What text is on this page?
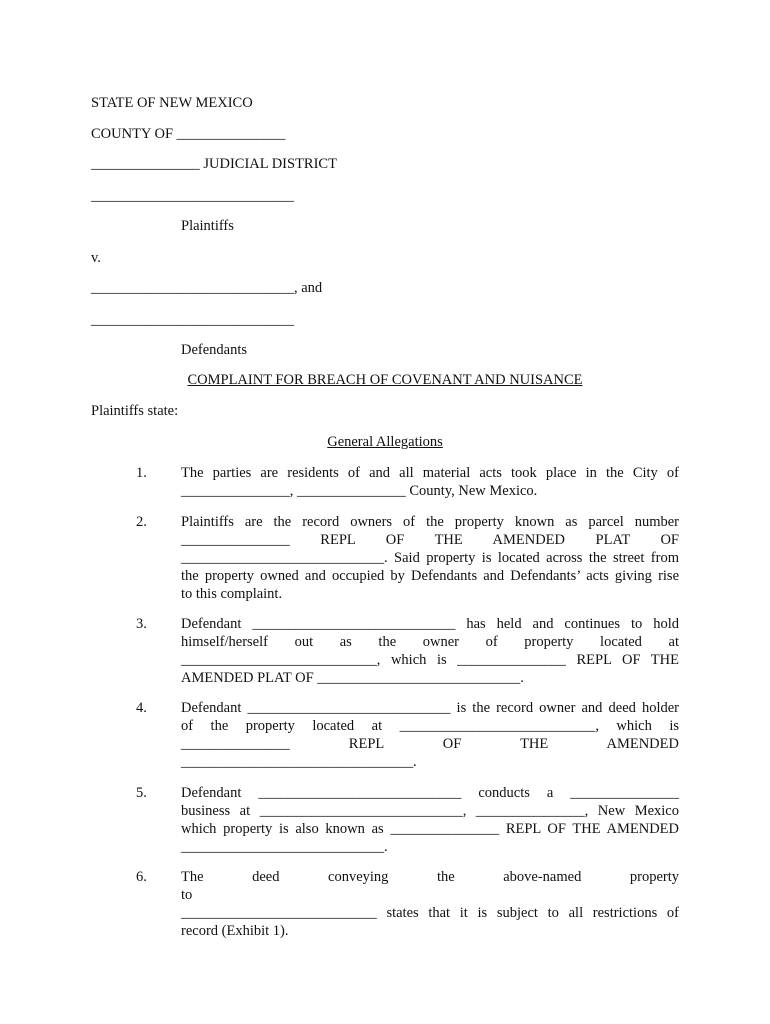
STATE OF NEW MEXICO
COUNTY OF _______________
_______________ JUDICIAL DISTRICT
____________________________
Plaintiffs
v.
____________________________, and
____________________________
Defendants
COMPLAINT FOR BREACH OF COVENANT AND NUISANCE
Plaintiffs state:
General Allegations
1. The parties are residents of and all material acts took place in the City of
_______________, _______________ County, New Mexico.
2. Plaintiffs are the record owners of the property known as parcel number
_______________ REPL OF THE AMENDED PLAT OF
____________________________. Said property is located across the street from
the property owned and occupied by Defendants and Defendants’ acts giving rise
to this complaint.
3. Defendant ____________________________ has held and continues to hold
himself/herself out as the owner of property located at
___________________________, which is _______________ REPL OF THE
AMENDED PLAT OF ____________________________.
4. Defendant ____________________________ is the record owner and deed holder
of the property located at ___________________________, which is
_______________ REPL OF THE AMENDED
________________________________.
5. Defendant ____________________________ conducts a _______________
business at ____________________________, _______________, New Mexico
which property is also known as _______________ REPL OF THE AMENDED
____________________________.
6. The deed conveying the above-named property to
___________________________ states that it is subject to all restrictions of
record (Exhibit 1).
